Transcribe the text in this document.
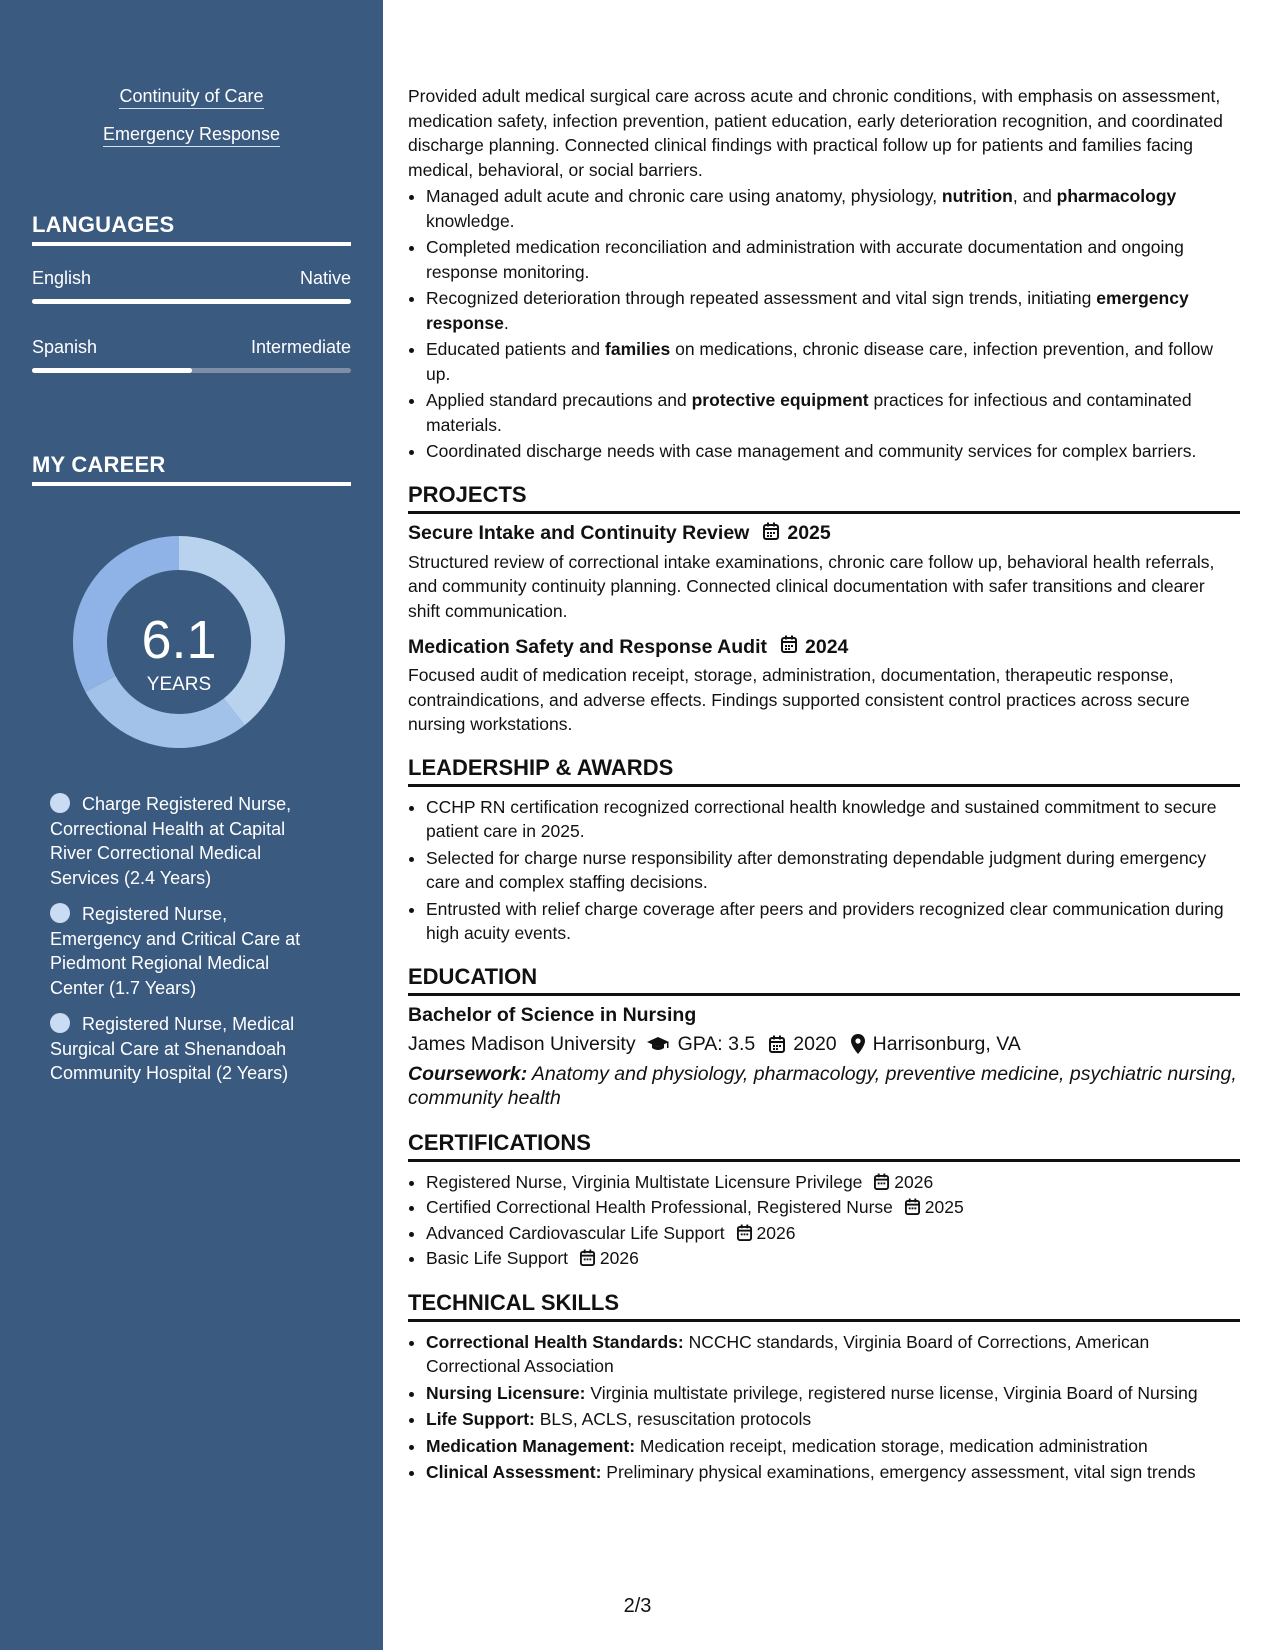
Continuity of Care
Emergency Response
LANGUAGES
English	Native
Spanish	Intermediate
MY CAREER
6.1
YEARS
Charge Registered Nurse, Correctional Health at Capital River Correctional Medical Services (2.4 Years)
Registered Nurse, Emergency and Critical Care at Piedmont Regional Medical Center (1.7 Years)
Registered Nurse, Medical Surgical Care at Shenandoah Community Hospital (2 Years)

Provided adult medical surgical care across acute and chronic conditions, with emphasis on assessment, medication safety, infection prevention, patient education, early deterioration recognition, and coordinated discharge planning. Connected clinical findings with practical follow up for patients and families facing medical, behavioral, or social barriers.

• Managed adult acute and chronic care using anatomy, physiology, nutrition, and pharmacology knowledge.
• Completed medication reconciliation and administration with accurate documentation and ongoing response monitoring.
• Recognized deterioration through repeated assessment and vital sign trends, initiating emergency response.
• Educated patients and families on medications, chronic disease care, infection prevention, and follow up.
• Applied standard precautions and protective equipment practices for infectious and contaminated materials.
• Coordinated discharge needs with case management and community services for complex barriers.
PROJECTS
Secure Intake and Continuity Review 2025

Structured review of correctional intake examinations, chronic care follow up, behavioral health referrals, and community continuity planning. Connected clinical documentation with safer transitions and clearer shift communication.

Medication Safety and Response Audit 2024

Focused audit of medication receipt, storage, administration, documentation, therapeutic response, contraindications, and adverse effects. Findings supported consistent control practices across secure nursing workstations.

LEADERSHIP & AWARDS
• CCHP RN certification recognized correctional health knowledge and sustained commitment to secure patient care in 2025.
• Selected for charge nurse responsibility after demonstrating dependable judgment during emergency care and complex staffing decisions.
• Entrusted with relief charge coverage after peers and providers recognized clear communication during high acuity events.
EDUCATION
Bachelor of Science in Nursing
James Madison University GPA: 3.5 2020 Harrisonburg, VA
Coursework: Anatomy and physiology, pharmacology, preventive medicine, psychiatric nursing, community health
CERTIFICATIONS
• Registered Nurse, Virginia Multistate Licensure Privilege 2026
• Certified Correctional Health Professional, Registered Nurse 2025
• Advanced Cardiovascular Life Support 2026
• Basic Life Support 2026
TECHNICAL SKILLS
• Correctional Health Standards: NCCHC standards, Virginia Board of Corrections, American Correctional Association
• Nursing Licensure: Virginia multistate privilege, registered nurse license, Virginia Board of Nursing
• Life Support: BLS, ACLS, resuscitation protocols
• Medication Management: Medication receipt, medication storage, medication administration
• Clinical Assessment: Preliminary physical examinations, emergency assessment, vital sign trends
2/3
